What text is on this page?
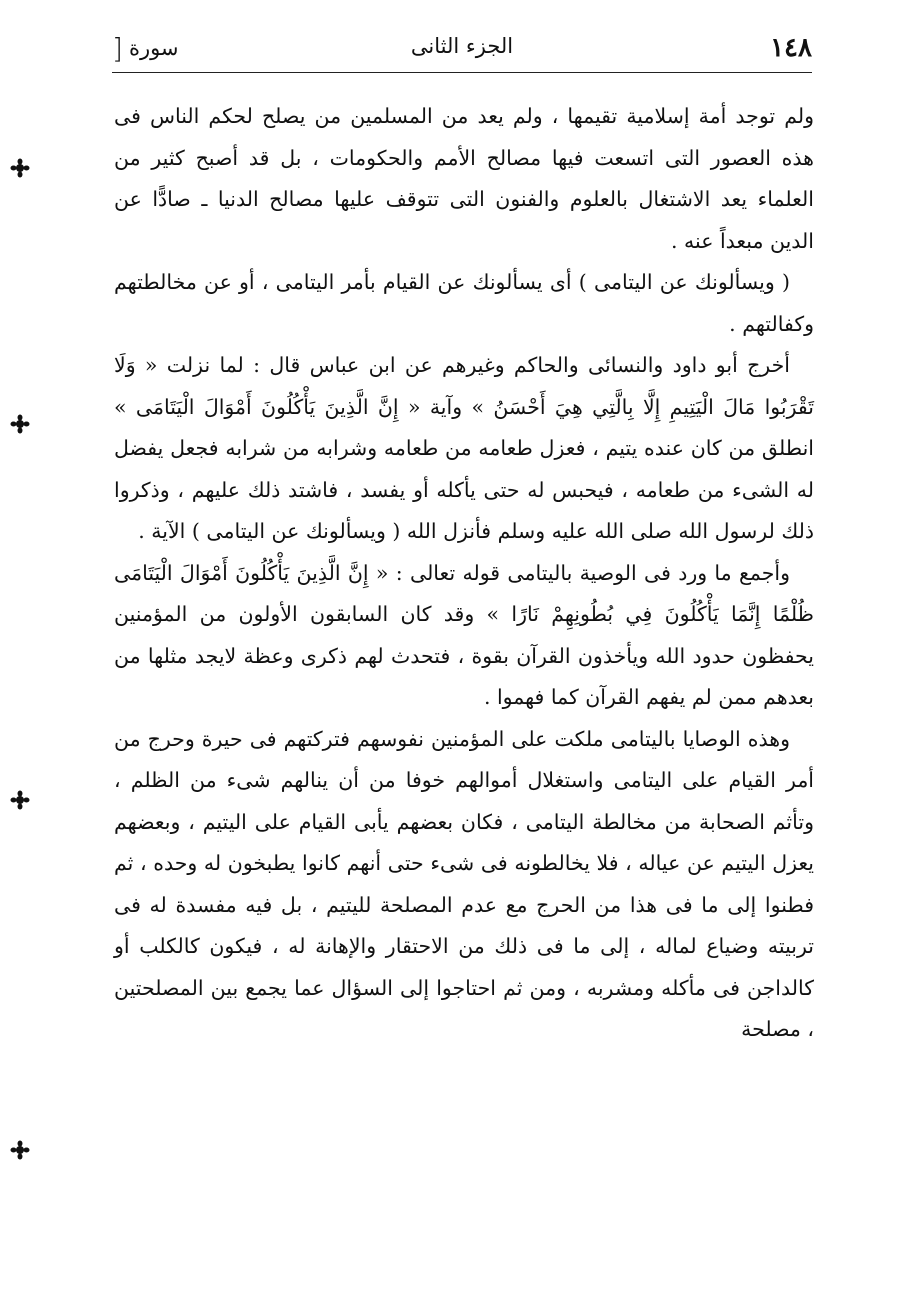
١٤٨
الجزء الثانى
سورة
[

ولم توجد أمة إسلامية تقيمها ، ولم يعد من المسلمين من يصلح لحكم الناس فى هذه العصور التى اتسعت فيها مصالح الأمم والحكومات ، بل قد أصبح كثير من العلماء يعد الاشتغال بالعلوم والفنون التى تتوقف عليها مصالح الدنيا ـ صادًّا عن الدين مبعداً عنه .

( ويسألونك عن اليتامى ) أى يسألونك عن القيام بأمر اليتامى ، أو عن مخالطتهم وكفالتهم .

أخرج أبو داود والنسائى والحاكم وغيرهم عن ابن عباس قال : لما نزلت « وَلَا تَقْرَبُوا مَالَ الْيَتِيمِ إِلَّا بِالَّتِي هِيَ أَحْسَنُ » وآية « إِنَّ الَّذِينَ يَأْكُلُونَ أَمْوَالَ الْيَتَامَى » انطلق من كان عنده يتيم ، فعزل طعامه من طعامه وشرابه من شرابه فجعل يفضل له الشىء من طعامه ، فيحبس له حتى يأكله أو يفسد ، فاشتد ذلك عليهم ، وذكروا ذلك لرسول الله صلى الله عليه وسلم فأنزل الله ( ويسألونك عن اليتامى ) الآية .

وأجمع ما ورد فى الوصية باليتامى قوله تعالى : « إِنَّ الَّذِينَ يَأْكُلُونَ أَمْوَالَ الْيَتَامَى ظُلْمًا إِنَّمَا يَأْكُلُونَ فِي بُطُونِهِمْ نَارًا » وقد كان السابقون الأولون من المؤمنين يحفظون حدود الله ويأخذون القرآن بقوة ، فتحدث لهم ذكرى وعظة لايجد مثلها من بعدهم ممن لم يفهم القرآن كما فهموا .

وهذه الوصايا باليتامى ملكت على المؤمنين نفوسهم فتركتهم فى حيرة وحرج من أمر القيام على اليتامى واستغلال أموالهم خوفا من أن ينالهم شىء من الظلم ، وتأثم الصحابة من مخالطة اليتامى ، فكان بعضهم يأبى القيام على اليتيم ، وبعضهم يعزل اليتيم عن عياله ، فلا يخالطونه فى شىء حتى أنهم كانوا يطبخون له وحده ، ثم فطنوا إلى ما فى هذا من الحرج مع عدم المصلحة لليتيم ، بل فيه مفسدة له فى تربيته وضياع لماله ، إلى ما فى ذلك من الاحتقار والإهانة له ، فيكون كالكلب أو كالداجن فى مأكله ومشربه ، ومن ثم احتاجوا إلى السؤال عما يجمع بين المصلحتين ، مصلحة
